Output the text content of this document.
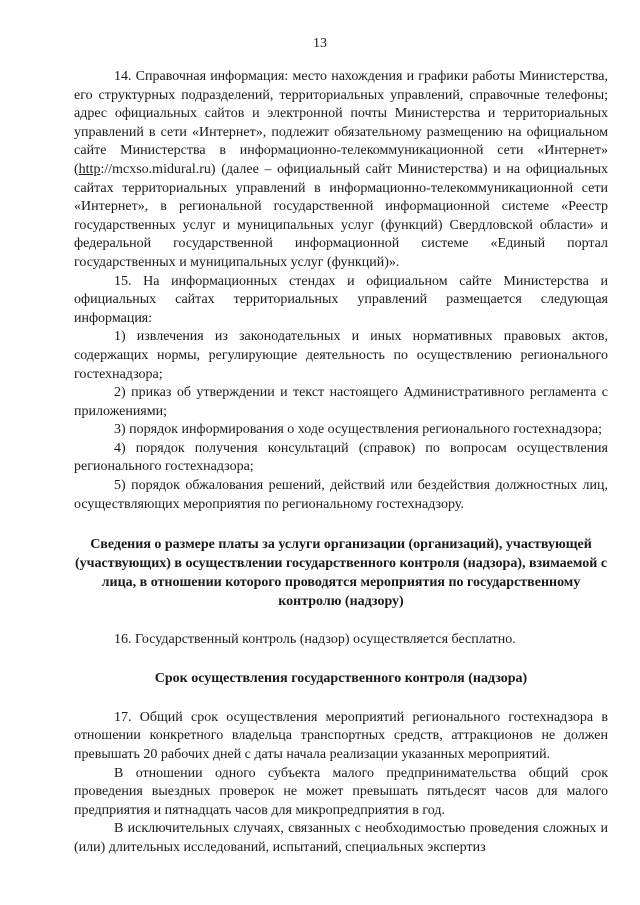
13

14. Справочная информация: место нахождения и графики работы Министерства, его структурных подразделений, территориальных управлений, справочные телефоны; адрес официальных сайтов и электронной почты Министерства и территориальных управлений в сети «Интернет», подлежит обязательному размещению на официальном сайте Министерства в информационно-телекоммуникационной сети «Интернет» (http://mcxso.midural.ru) (далее – официальный сайт Министерства) и на официальных сайтах территориальных управлений в информационно-телекоммуникационной сети «Интернет», в региональной государственной информационной системе «Реестр государственных услуг и муниципальных услуг (функций) Свердловской области» и федеральной государственной информационной системе «Единый портал государственных и муниципальных услуг (функций)».

15. На информационных стендах и официальном сайте Министерства и официальных сайтах территориальных управлений размещается следующая информация:

1) извлечения из законодательных и иных нормативных правовых актов, содержащих нормы, регулирующие деятельность по осуществлению регионального гостехнадзора;

2) приказ об утверждении и текст настоящего Административного регламента с приложениями;

3) порядок информирования о ходе осуществления регионального гостехнадзора;

4) порядок получения консультаций (справок) по вопросам осуществления регионального гостехнадзора;

5) порядок обжалования решений, действий или бездействия должностных лиц, осуществляющих мероприятия по региональному гостехнадзору.

Сведения о размере платы за услуги организации (организаций), участвующей (участвующих) в осуществлении государственного контроля (надзора), взимаемой с лица, в отношении которого проводятся мероприятия по государственному контролю (надзору)

16. Государственный контроль (надзор) осуществляется бесплатно.

Срок осуществления государственного контроля (надзора)

17. Общий срок осуществления мероприятий регионального гостехнадзора в отношении конкретного владельца транспортных средств, аттракционов не должен превышать 20 рабочих дней с даты начала реализации указанных мероприятий.

В отношении одного субъекта малого предпринимательства общий срок проведения выездных проверок не может превышать пятьдесят часов для малого предприятия и пятнадцать часов для микропредприятия в год.

В исключительных случаях, связанных с необходимостью проведения сложных и (или) длительных исследований, испытаний, специальных экспертиз
